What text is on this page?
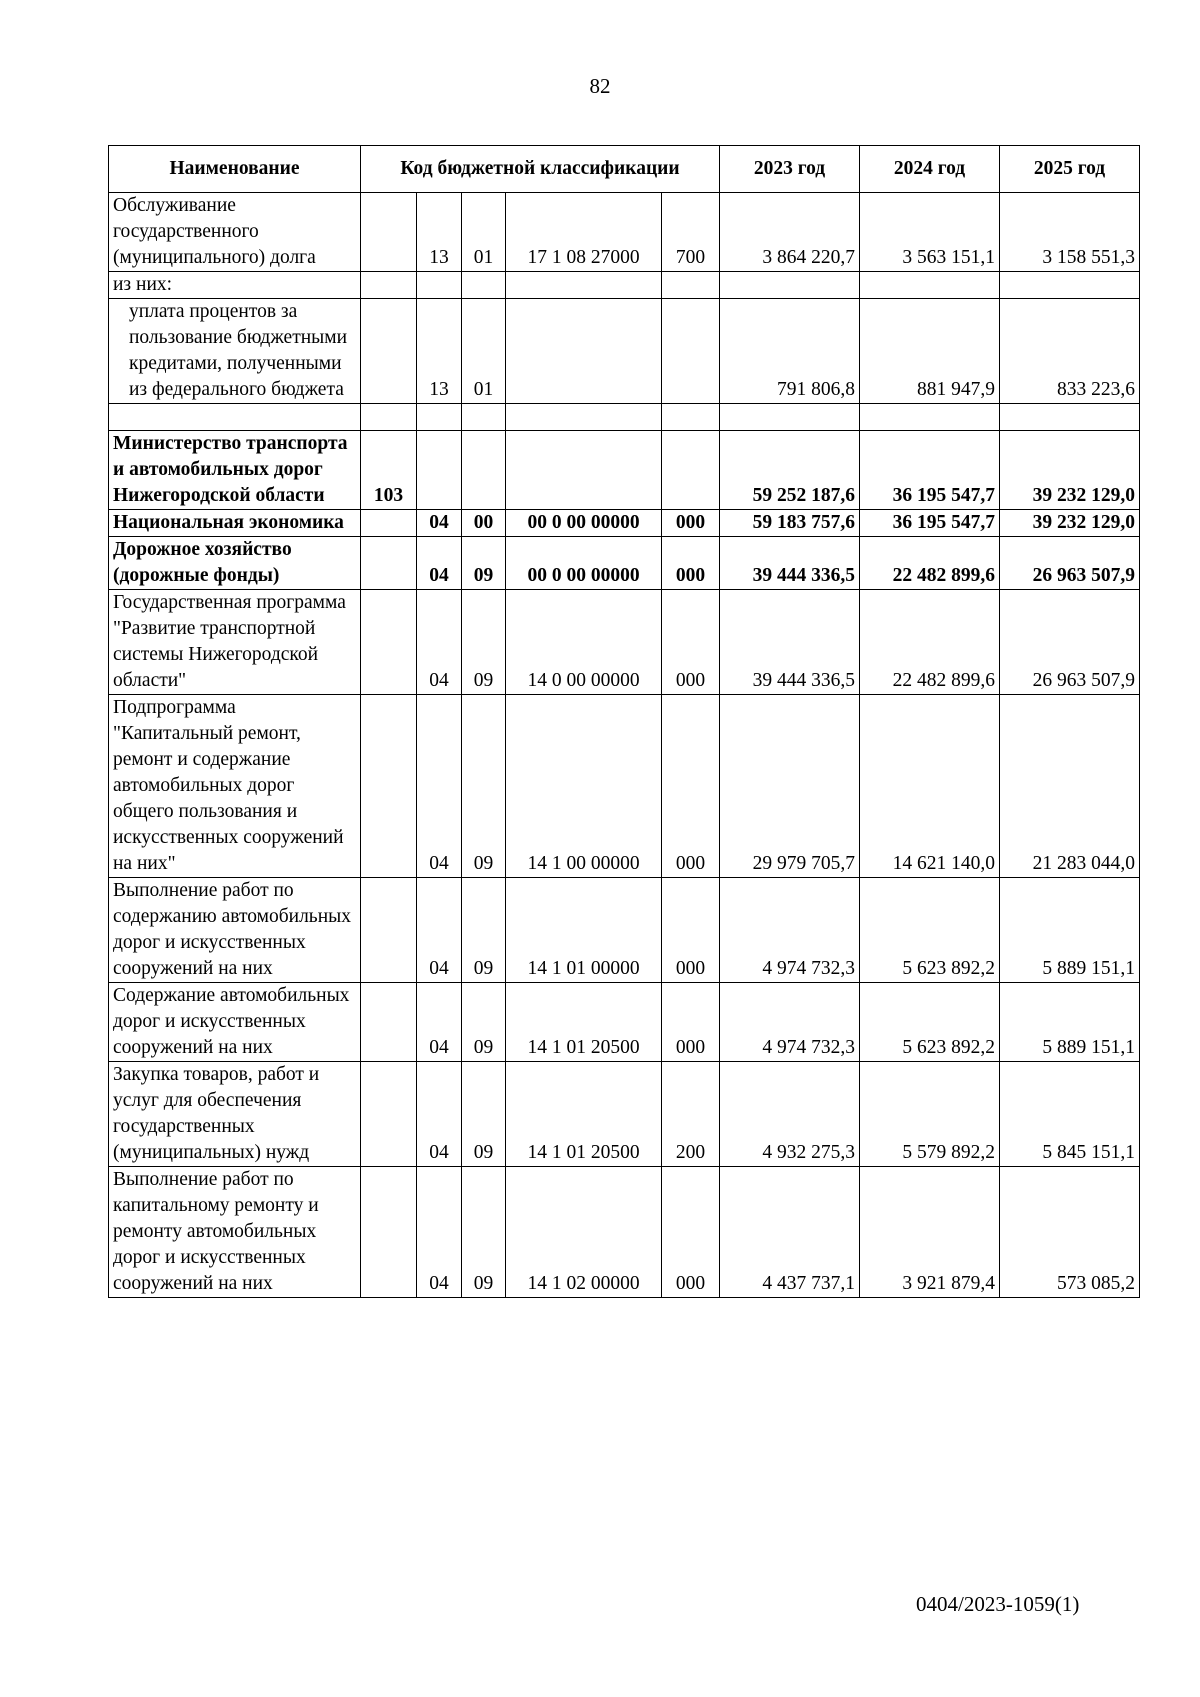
82
Наименование	Код бюджетной классификации					2023 год	2024 год	2025 год
Обслуживание государственного (муниципального) долга		13	01	17 1 08 27000	700	3 864 220,7	3 563 151,1	3 158 551,3
из них:								
уплата процентов за пользование бюджетными кредитами, полученными из федерального бюджета		13	01			791 806,8	881 947,9	833 223,6

Министерство транспорта и автомобильных дорог Нижегородской области	103					59 252 187,6	36 195 547,7	39 232 129,0
Национальная экономика		04	00	00 0 00 00000	000	59 183 757,6	36 195 547,7	39 232 129,0
Дорожное хозяйство (дорожные фонды)		04	09	00 0 00 00000	000	39 444 336,5	22 482 899,6	26 963 507,9
Государственная программа "Развитие транспортной системы Нижегородской области"		04	09	14 0 00 00000	000	39 444 336,5	22 482 899,6	26 963 507,9
Подпрограмма "Капитальный ремонт, ремонт и содержание автомобильных дорог общего пользования и искусственных сооружений на них"		04	09	14 1 00 00000	000	29 979 705,7	14 621 140,0	21 283 044,0
Выполнение работ по содержанию автомобильных дорог и искусственных сооружений на них		04	09	14 1 01 00000	000	4 974 732,3	5 623 892,2	5 889 151,1
Содержание автомобильных дорог и искусственных сооружений на них		04	09	14 1 01 20500	000	4 974 732,3	5 623 892,2	5 889 151,1
Закупка товаров, работ и услуг для обеспечения государственных (муниципальных) нужд		04	09	14 1 01 20500	200	4 932 275,3	5 579 892,2	5 845 151,1
Выполнение работ по капитальному ремонту и ремонту автомобильных дорог и искусственных сооружений на них		04	09	14 1 02 00000	000	4 437 737,1	3 921 879,4	573 085,2
0404/2023-1059(1)
